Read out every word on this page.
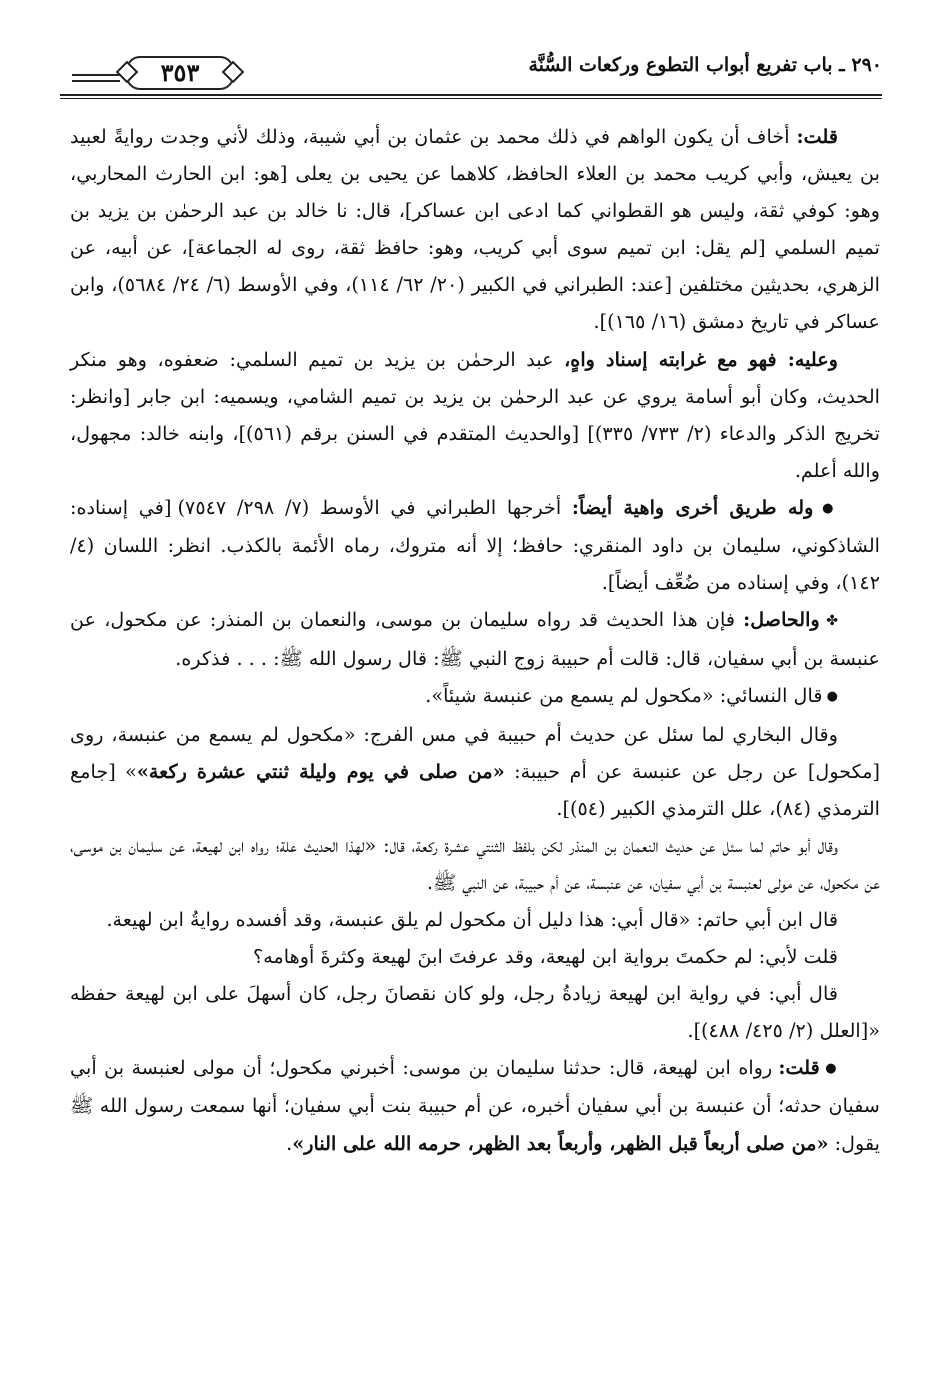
٢٩٠ ـ باب تفريع أبواب التطوع وركعات السُّنَّة
٣٥٣

قلت: أخاف أن يكون الواهم في ذلك محمد بن عثمان بن أبي شيبة، وذلك لأني وجدت روايةً لعبيد بن يعيش، وأبي كريب محمد بن العلاء الحافظ، كلاهما عن يحيى بن يعلى [هو: ابن الحارث المحاربي، وهو: كوفي ثقة، وليس هو القطواني كما ادعى ابن عساكر]، قال: نا خالد بن عبد الرحمٰن بن يزيد بن تميم السلمي [لم يقل: ابن تميم سوى أبي كريب، وهو: حافظ ثقة، روى له الجماعة]، عن أبيه، عن الزهري، بحديثين مختلفين [عند: الطبراني في الكبير (٢٠/ ٦٢/ ١١٤)، وفي الأوسط (٦/ ٢٤/ ٥٦٨٤)، وابن عساكر في تاريخ دمشق (١٦/ ١٦٥)].

وعليه: فهو مع غرابته إسناد واهٍ، عبد الرحمٰن بن يزيد بن تميم السلمي: ضعفوه، وهو منكر الحديث، وكان أبو أسامة يروي عن عبد الرحمٰن بن يزيد بن تميم الشامي، ويسميه: ابن جابر [وانظر: تخريج الذكر والدعاء (٢/ ٧٣٣/ ٣٣٥)] [والحديث المتقدم في السنن برقم (٥٦١)]، وابنه خالد: مجهول، والله أعلم.

● وله طريق أخرى واهية أيضاً: أخرجها الطبراني في الأوسط (٧/ ٢٩٨/ ٧٥٤٧) [في إسناده: الشاذكوني، سليمان بن داود المنقري: حافظ؛ إلا أنه متروك، رماه الأئمة بالكذب. انظر: اللسان (٤/ ١٤٢)، وفي إسناده من ضُعِّف أيضاً].

✤ والحاصل: فإن هذا الحديث قد رواه سليمان بن موسى، والنعمان بن المنذر: عن مكحول، عن عنبسة بن أبي سفيان، قال: قالت أم حبيبة زوج النبي ﷺ: قال رسول الله ﷺ: . . . فذكره.

● قال النسائي: «مكحول لم يسمع من عنبسة شيئاً».

وقال البخاري لما سئل عن حديث أم حبيبة في مس الفرج: «مكحول لم يسمع من عنبسة، روى [مكحول] عن رجل عن عنبسة عن أم حبيبة: «من صلى في يوم وليلة ثنتي عشرة ركعة»» [جامع الترمذي (٨٤)، علل الترمذي الكبير (٥٤)].

وقال أبو حاتم لما سئل عن حديث النعمان بن المنذر لكن بلفظ الثنتي عشرة ركعة، قال: «لهذا الحديث علة؛ رواه ابن لهيعة، عن سليمان بن موسى، عن مكحول، عن مولى لعنبسة بن أبي سفيان، عن عنبسة، عن أم حبيبة، عن النبي ﷺ.

قال ابن أبي حاتم: «قال أبي: هذا دليل أن مكحول لم يلق عنبسة، وقد أفسده روايةُ ابن لهيعة.

قلت لأبي: لم حكمتَ برواية ابن لهيعة، وقد عرفتَ ابنَ لهيعة وكثرةَ أوهامه؟

قال أبي: في رواية ابن لهيعة زيادةُ رجل، ولو كان نقصانَ رجل، كان أسهلَ على ابن لهيعة حفظه «[العلل (٢/ ٤٢٥/ ٤٨٨)].

● قلت: رواه ابن لهيعة، قال: حدثنا سليمان بن موسى: أخبرني مكحول؛ أن مولى لعنبسة بن أبي سفيان حدثه؛ أن عنبسة بن أبي سفيان أخبره، عن أم حبيبة بنت أبي سفيان؛ أنها سمعت رسول الله ﷺ يقول: «من صلى أربعاً قبل الظهر، وأربعاً بعد الظهر، حرمه الله على النار».
